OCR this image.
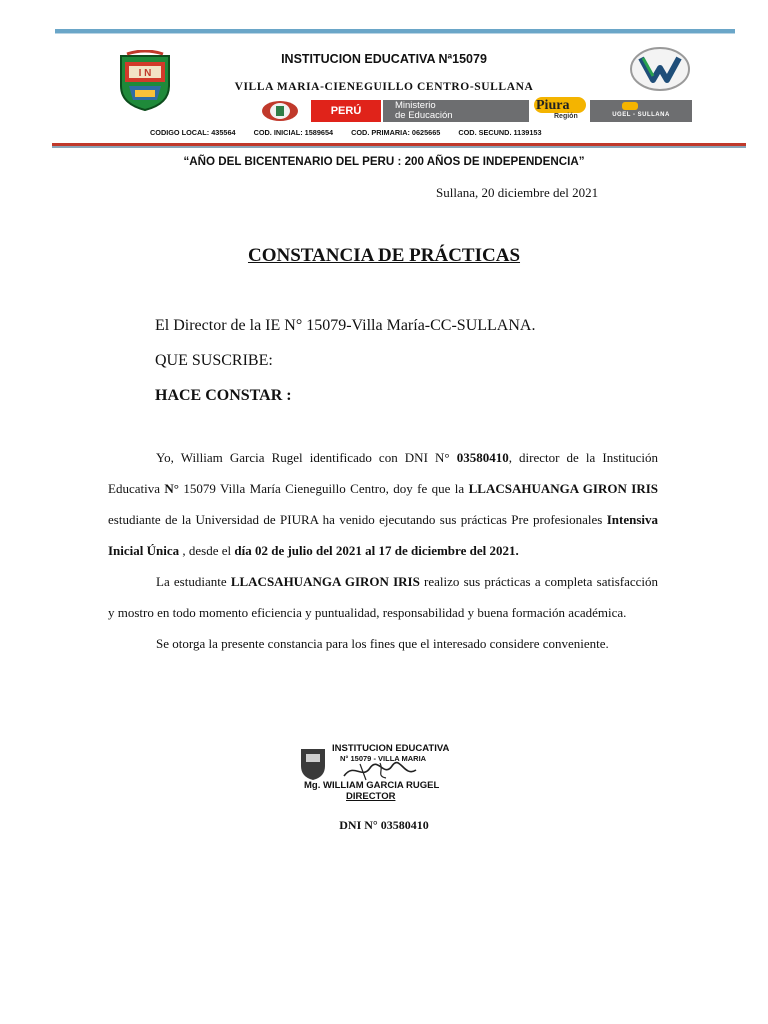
I N
INSTITUCION EDUCATIVA Nª15079
VILLA MARIA-CIENEGUILLO CENTRO-SULLANA
PERÚ	Ministerio
de Educación
Piura
Región	UGEL - SULLANA
CODIGO LOCAL: 435564 COD. INICIAL: 1589654 COD. PRIMARIA: 0625665 COD. SECUND. 1139153
“AÑO DEL BICENTENARIO DEL PERU : 200 AÑOS DE INDEPENDENCIA”
Sullana, 20 diciembre del 2021
CONSTANCIA DE PRÁCTICAS
El Director de la IE N° 15079-Villa María-CC-SULLANA.
QUE SUSCRIBE:
HACE CONSTAR :

Yo, William Garcia Rugel identificado con DNI N° 03580410, director de la Institución Educativa N° 15079 Villa María Cieneguillo Centro, doy fe que la LLACSAHUANGA GIRON IRIS estudiante de la Universidad de PIURA ha venido ejecutando sus prácticas Pre profesionales Intensiva Inicial Única , desde el día 02 de julio del 2021 al 17 de diciembre del 2021.

La estudiante LLACSAHUANGA GIRON IRIS realizo sus prácticas a completa satisfacción y mostro en todo momento eficiencia y puntualidad, responsabilidad y buena formación académica.

Se otorga la presente constancia para los fines que el interesado considere conveniente.

INSTITUCION EDUCATIVA
N° 15079 - VILLA MARIA
Mg. WILLIAM GARCIA RUGEL
DIRECTOR
DNI N° 03580410
